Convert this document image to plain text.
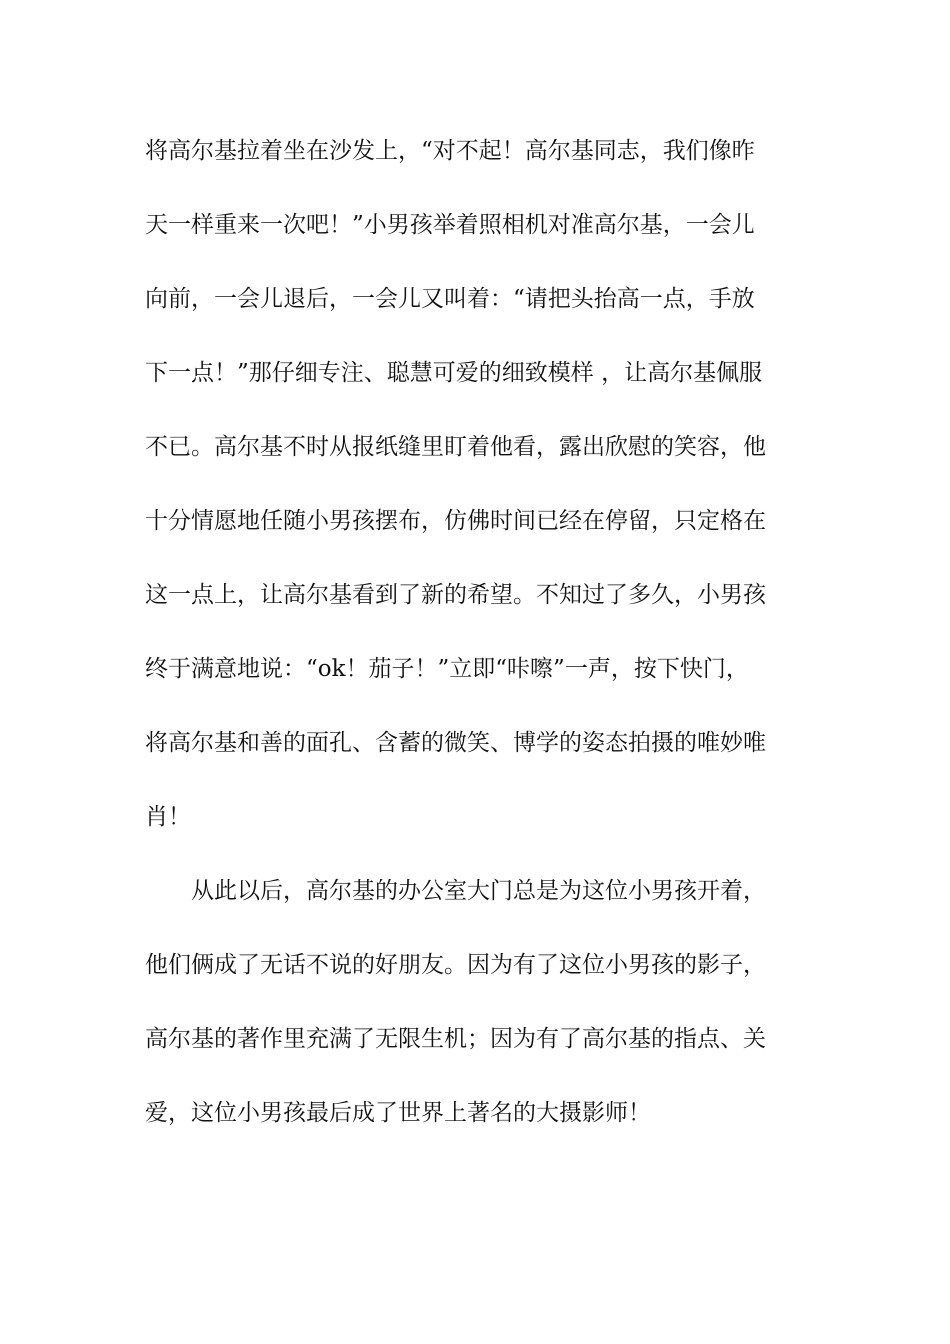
将高尔基拉着坐在沙发上，“对不起！高尔基同志，我们像昨
天一样重来一次吧！”小男孩举着照相机对准高尔基，一会儿
向前，一会儿退后，一会儿又叫着：“请把头抬高一点，手放
下一点！”那仔细专注、聪慧可爱的细致模样 ，让高尔基佩服
不已。高尔基不时从报纸缝里盯着他看，露出欣慰的笑容，他
十分情愿地任随小男孩摆布，仿佛时间已经在停留，只定格在
这一点上，让高尔基看到了新的希望。不知过了多久，小男孩
终于满意地说：“ok！茄子！”立即“咔嚓”一声，按下快门，
将高尔基和善的面孔、含蓄的微笑、博学的姿态拍摄的唯妙唯
肖！
从此以后，高尔基的办公室大门总是为这位小男孩开着，
他们俩成了无话不说的好朋友。因为有了这位小男孩的影子，
高尔基的著作里充满了无限生机；因为有了高尔基的指点、关
爱，这位小男孩最后成了世界上著名的大摄影师！
